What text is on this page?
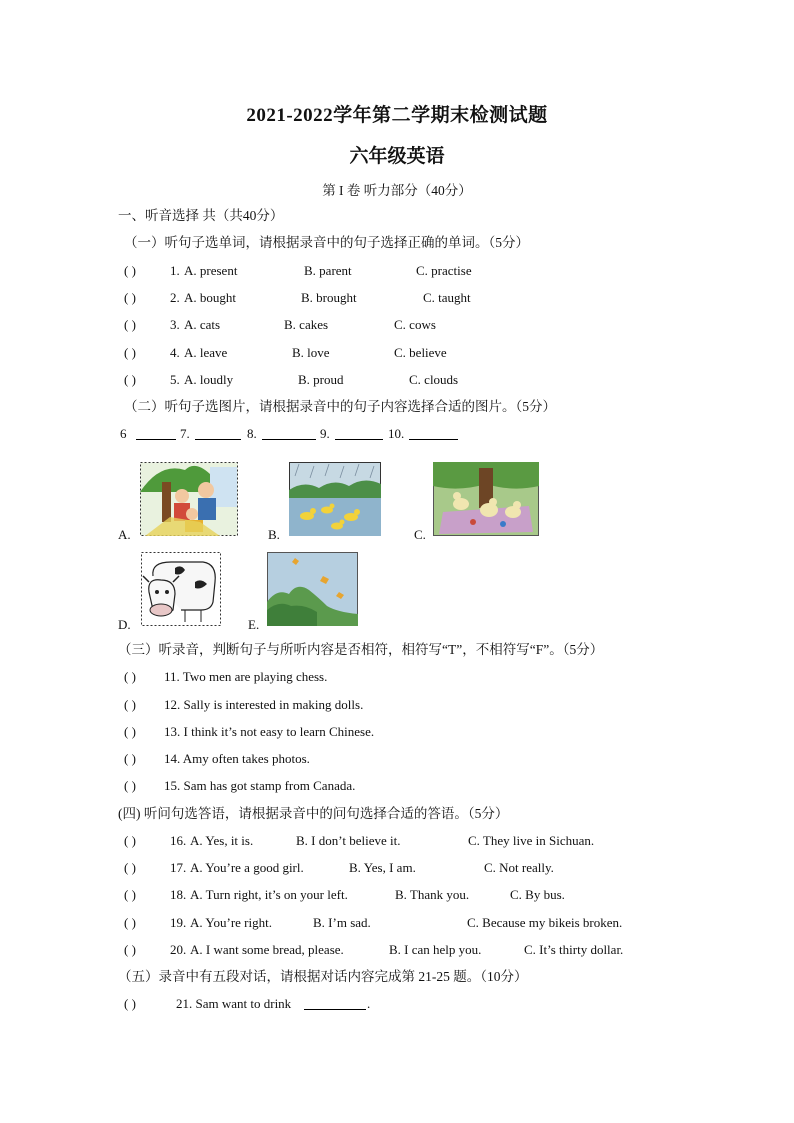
2021-2022学年第二学期末检测试题
六年级英语
第 I 卷 听力部分（40分）
一、听音选择 共（共40分）
（一）听句子选单词，请根据录音中的句子选择正确的单词。（5分）
( )	1. A. present	B. parent	C. practise
( )	2. A. bought	B. brought	C. taught
( )	3. A. cats	B. cakes	C. cows
( )	4. A. leave	B. love	C. believe
( )	5. A. loudly	B. proud	C. clouds
（二）听句子选图片，请根据录音中的句子内容选择合适的图片。（5分）
6	7.	8.	9.	10.
A.	B.	C.
D.	E.
（三）听录音，判断句子与所听内容是否相符，相符写“T”，不相符写“F”。（5分）
( ) 11. Two men are playing chess.
( ) 12. Sally is interested in making dolls.
( ) 13. I think it’s not easy to learn Chinese.
( ) 14. Amy often takes photos.
( ) 15. Sam has got stamp from Canada.
(四) 听问句选答语，请根据录音中的问句选择合适的答语。（5分）
( )	16. A. Yes, it is.	B. I don’t believe it.	C. They live in Sichuan.
( )	17. A. You’re a good girl.	B. Yes, I am.	C. Not really.
( )	18. A. Turn right, it’s on your left.	B. Thank you.	C. By bus.
( )	19. A. You’re right.	B. I’m sad.	C. Because my bikeis broken.
( )	20. A. I want some bread, please.	B. I can help you.	C. It’s thirty dollar.
（五）录音中有五段对话，请根据对话内容完成第 21-25 题。（10分）
( )	21. Sam want to drink	.
